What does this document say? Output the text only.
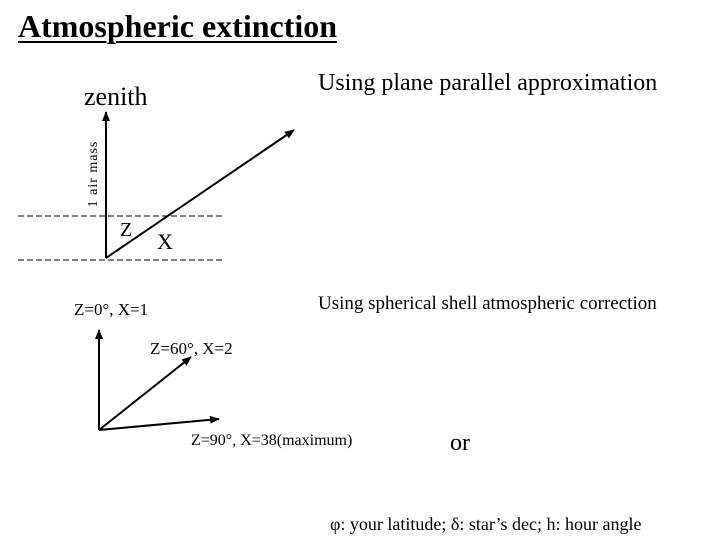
Atmospheric extinction
zenith	Using plane parallel approximation
1 air mass
Z X
Using spherical shell atmospheric correction
Z=0°, X=1
Z=60°, X=2
Z=90°, X=38(maximum)	or
φ: your latitude; δ: star’s dec; h: hour angle
